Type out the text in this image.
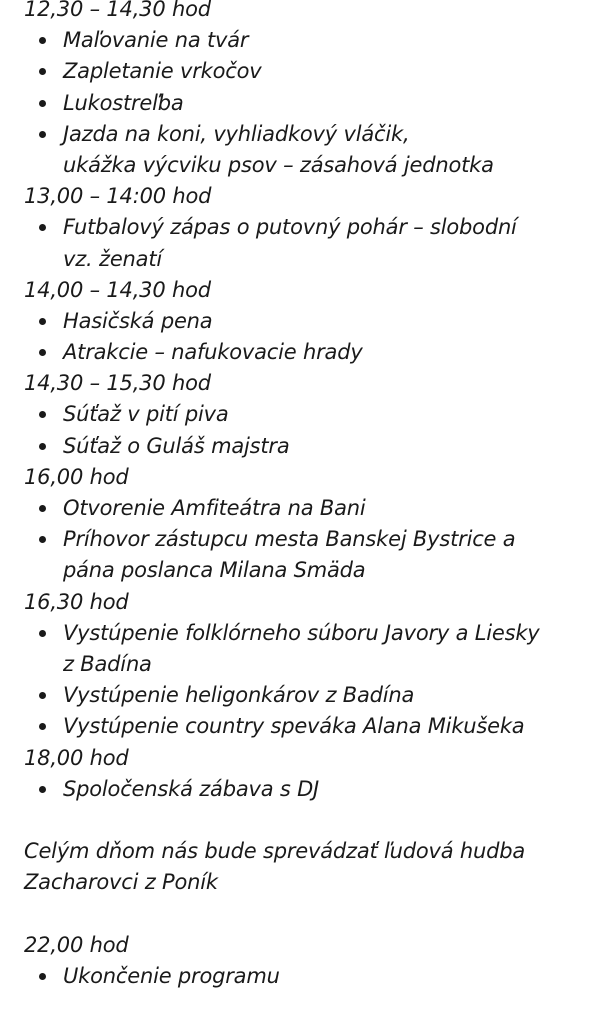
12,30 – 14,30 hod
Maľovanie na tvár
Zapletanie vrkočov
Lukostreľba
Jazda na koni, vyhliadkový vláčik,
ukážka výcviku psov – zásahová jednotka
13,00 – 14:00 hod
Futbalový zápas o putovný pohár – slobodní
vz. ženatí
14,00 – 14,30 hod
Hasičská pena
Atrakcie – nafukovacie hrady
14,30 – 15,30 hod
Súťaž v pití piva
Súťaž o Guláš majstra
16,00 hod
Otvorenie Amfiteátra na Bani
Príhovor zástupcu mesta Banskej Bystrice a
pána poslanca Milana Smäda
16,30 hod
Vystúpenie folklórneho súboru Javory a Liesky
z Badína
Vystúpenie heligonkárov z Badína
Vystúpenie country speváka Alana Mikušeka
18,00 hod
Spoločenská zábava s DJ
Celým dňom nás bude sprevádzať ľudová hudba
Zacharovci z Poník
22,00 hod
Ukončenie programu
